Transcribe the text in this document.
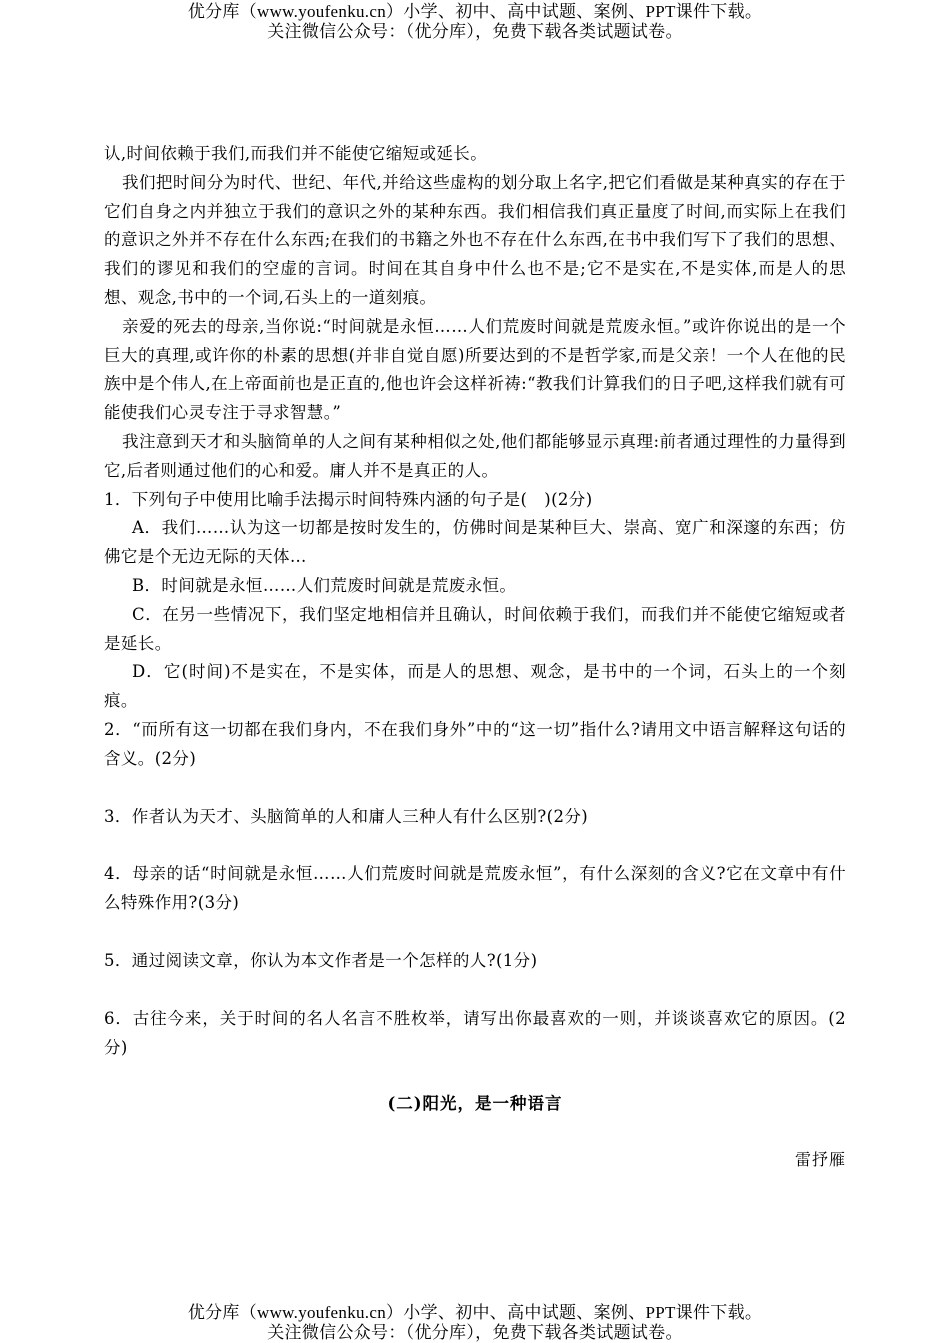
优分库（www.youfenku.cn）小学、初中、高中试题、案例、PPT课件下载。
关注微信公众号：（优分库），免费下载各类试题试卷。

认,时间依赖于我们,而我们并不能使它缩短或延长。

我们把时间分为时代、世纪、年代,并给这些虚构的划分取上名字,把它们看做是某种真实的存在于它们自身之内并独立于我们的意识之外的某种东西。我们相信我们真正量度了时间,而实际上在我们的意识之外并不存在什么东西;在我们的书籍之外也不存在什么东西,在书中我们写下了我们的思想、我们的谬见和我们的空虚的言词。时间在其自身中什么也不是;它不是实在,不是实体,而是人的思想、观念,书中的一个词,石头上的一道刻痕。

亲爱的死去的母亲,当你说:“时间就是永恒……人们荒废时间就是荒废永恒。”或许你说出的是一个巨大的真理,或许你的朴素的思想(并非自觉自愿)所要达到的不是哲学家,而是父亲！一个人在他的民族中是个伟人,在上帝面前也是正直的,他也许会这样祈祷:“教我们计算我们的日子吧,这样我们就有可能使我们心灵专注于寻求智慧。”

我注意到天才和头脑简单的人之间有某种相似之处,他们都能够显示真理:前者通过理性的力量得到它,后者则通过他们的心和爱。庸人并不是真正的人。

1．下列句子中使用比喻手法揭示时间特殊内涵的句子是(　)(2分)

A．我们……认为这一切都是按时发生的，仿佛时间是某种巨大、崇高、宽广和深邃的东西；仿佛它是个无边无际的天体…

B．时间就是永恒……人们荒废时间就是荒废永恒。

C．在另一些情况下，我们坚定地相信并且确认，时间依赖于我们，而我们并不能使它缩短或者是延长。

D．它(时间)不是实在，不是实体，而是人的思想、观念，是书中的一个词，石头上的一个刻痕。

2．“而所有这一切都在我们身内，不在我们身外”中的“这一切”指什么?请用文中语言解释这句话的含义。(2分)

3．作者认为天才、头脑简单的人和庸人三种人有什么区别?(2分)

4．母亲的话“时间就是永恒……人们荒废时间就是荒废永恒”，有什么深刻的含义?它在文章中有什么特殊作用?(3分)

5．通过阅读文章，你认为本文作者是一个怎样的人?(1分)

6．古往今来，关于时间的名人名言不胜枚举，请写出你最喜欢的一则，并谈谈喜欢它的原因。(2分)

(二)阳光，是一种语言
雷抒雁
优分库（www.youfenku.cn）小学、初中、高中试题、案例、PPT课件下载。
关注微信公众号：（优分库），免费下载各类试题试卷。
